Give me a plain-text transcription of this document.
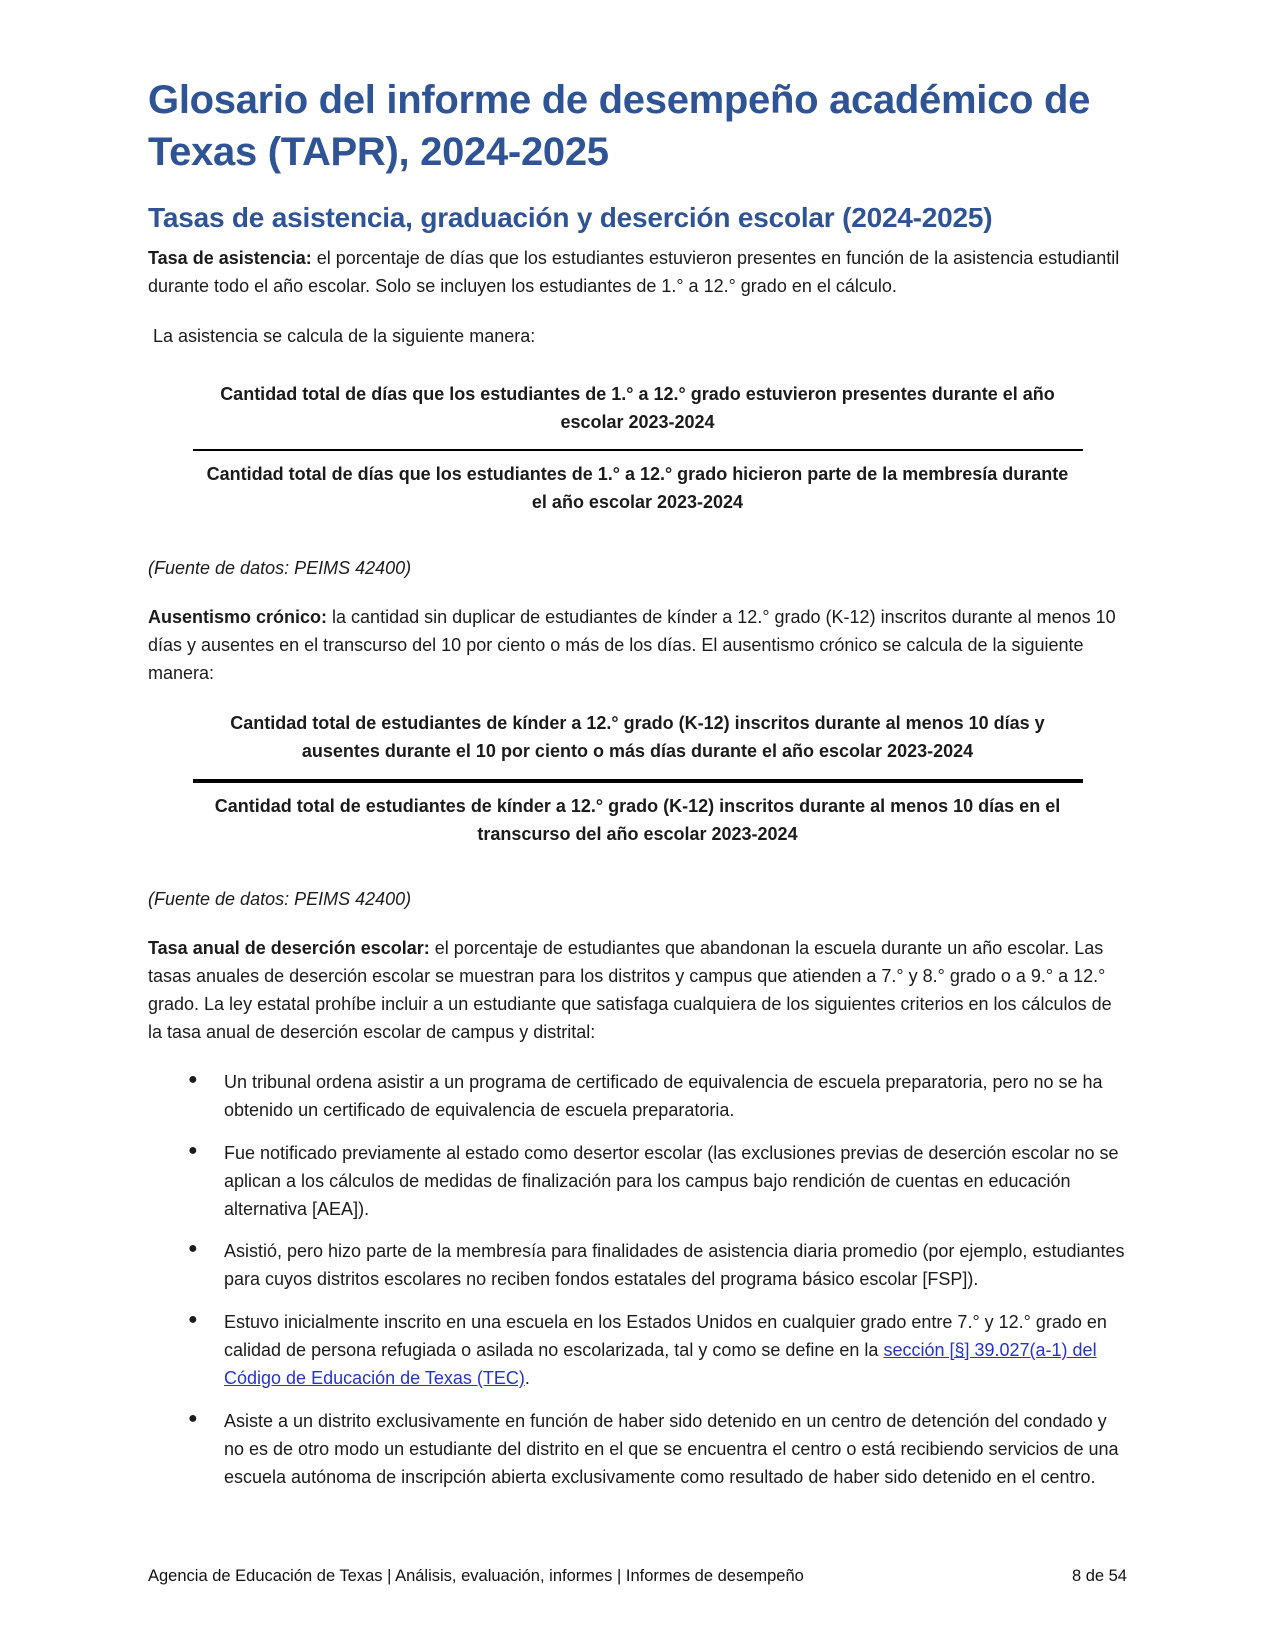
Glosario del informe de desempeño académico de Texas (TAPR), 2024-2025
Tasas de asistencia, graduación y deserción escolar (2024-2025)

Tasa de asistencia: el porcentaje de días que los estudiantes estuvieron presentes en función de la asistencia estudiantil durante todo el año escolar. Solo se incluyen los estudiantes de 1.° a 12.° grado en el cálculo.

La asistencia se calcula de la siguiente manera:

Cantidad total de días que los estudiantes de 1.° a 12.° grado estuvieron presentes durante el año escolar 2023-2024
Cantidad total de días que los estudiantes de 1.° a 12.° grado hicieron parte de la membresía durante el año escolar 2023-2024

(Fuente de datos: PEIMS 42400)

Ausentismo crónico: la cantidad sin duplicar de estudiantes de kínder a 12.° grado (K-12) inscritos durante al menos 10 días y ausentes en el transcurso del 10 por ciento o más de los días. El ausentismo crónico se calcula de la siguiente manera:

Cantidad total de estudiantes de kínder a 12.° grado (K-12) inscritos durante al menos 10 días y ausentes durante el 10 por ciento o más días durante el año escolar 2023-2024
Cantidad total de estudiantes de kínder a 12.° grado (K-12) inscritos durante al menos 10 días en el transcurso del año escolar 2023-2024

(Fuente de datos: PEIMS 42400)

Tasa anual de deserción escolar: el porcentaje de estudiantes que abandonan la escuela durante un año escolar. Las tasas anuales de deserción escolar se muestran para los distritos y campus que atienden a 7.° y 8.° grado o a 9.° a 12.° grado. La ley estatal prohíbe incluir a un estudiante que satisfaga cualquiera de los siguientes criterios en los cálculos de la tasa anual de deserción escolar de campus y distrital:

● Un tribunal ordena asistir a un programa de certificado de equivalencia de escuela preparatoria, pero no se ha obtenido un certificado de equivalencia de escuela preparatoria.
● Fue notificado previamente al estado como desertor escolar (las exclusiones previas de deserción escolar no se aplican a los cálculos de medidas de finalización para los campus bajo rendición de cuentas en educación alternativa [AEA]).
● Asistió, pero hizo parte de la membresía para finalidades de asistencia diaria promedio (por ejemplo, estudiantes para cuyos distritos escolares no reciben fondos estatales del programa básico escolar [FSP]).
● Estuvo inicialmente inscrito en una escuela en los Estados Unidos en cualquier grado entre 7.° y 12.° grado en calidad de persona refugiada o asilada no escolarizada, tal y como se define en la sección [§] 39.027(a-1) del Código de Educación de Texas (TEC).
● Asiste a un distrito exclusivamente en función de haber sido detenido en un centro de detención del condado y no es de otro modo un estudiante del distrito en el que se encuentra el centro o está recibiendo servicios de una escuela autónoma de inscripción abierta exclusivamente como resultado de haber sido detenido en el centro.
Agencia de Educación de Texas | Análisis, evaluación, informes | Informes de desempeño	8 de 54
